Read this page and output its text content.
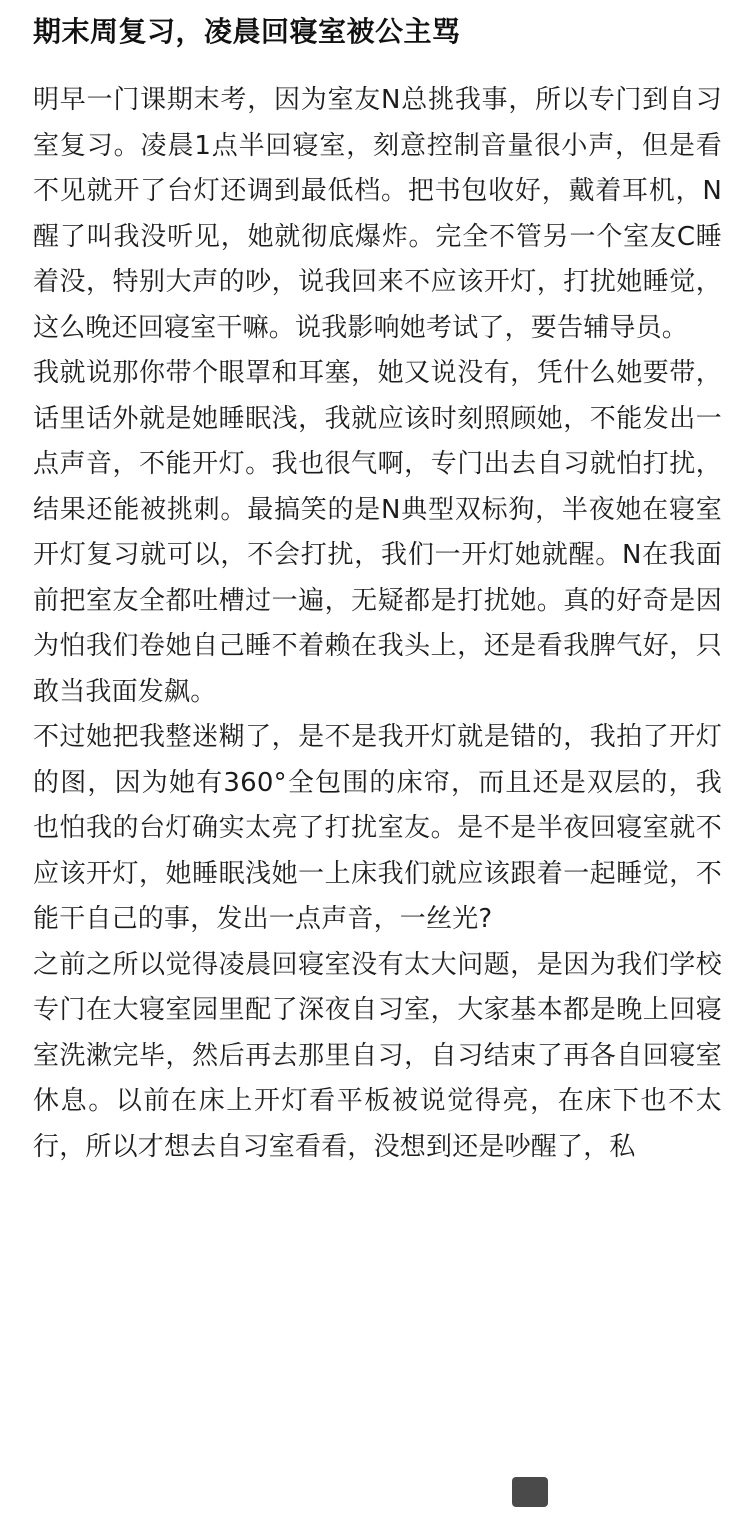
期末周复习，凌晨回寝室被公主骂

明早一门课期末考，因为室友N总挑我事，所以专门到自习室复习。凌晨1点半回寝室，刻意控制音量很小声，但是看不见就开了台灯还调到最低档。把书包收好，戴着耳机，N醒了叫我没听见，她就彻底爆炸。完全不管另一个室友C睡着没，特别大声的吵，说我回来不应该开灯，打扰她睡觉，这么晚还回寝室干嘛。说我影响她考试了，要告辅导员。

我就说那你带个眼罩和耳塞，她又说没有，凭什么她要带，话里话外就是她睡眠浅，我就应该时刻照顾她，不能发出一点声音，不能开灯。我也很气啊，专门出去自习就怕打扰，结果还能被挑刺。最搞笑的是N典型双标狗，半夜她在寝室开灯复习就可以，不会打扰，我们一开灯她就醒。N在我面前把室友全都吐槽过一遍，无疑都是打扰她。真的好奇是因为怕我们卷她自己睡不着赖在我头上，还是看我脾气好，只敢当我面发飙。

不过她把我整迷糊了，是不是我开灯就是错的，我拍了开灯的图，因为她有360°全包围的床帘，而且还是双层的，我也怕我的台灯确实太亮了打扰室友。是不是半夜回寝室就不应该开灯，她睡眠浅她一上床我们就应该跟着一起睡觉，不能干自己的事，发出一点声音，一丝光?

之前之所以觉得凌晨回寝室没有太大问题，是因为我们学校专门在大寝室园里配了深夜自习室，大家基本都是晚上回寝室洗漱完毕，然后再去那里自习，自习结束了再各自回寝室休息。以前在床上开灯看平板被说觉得亮，在床下也不太行，所以才想去自习室看看，没想到还是吵醒了，私
